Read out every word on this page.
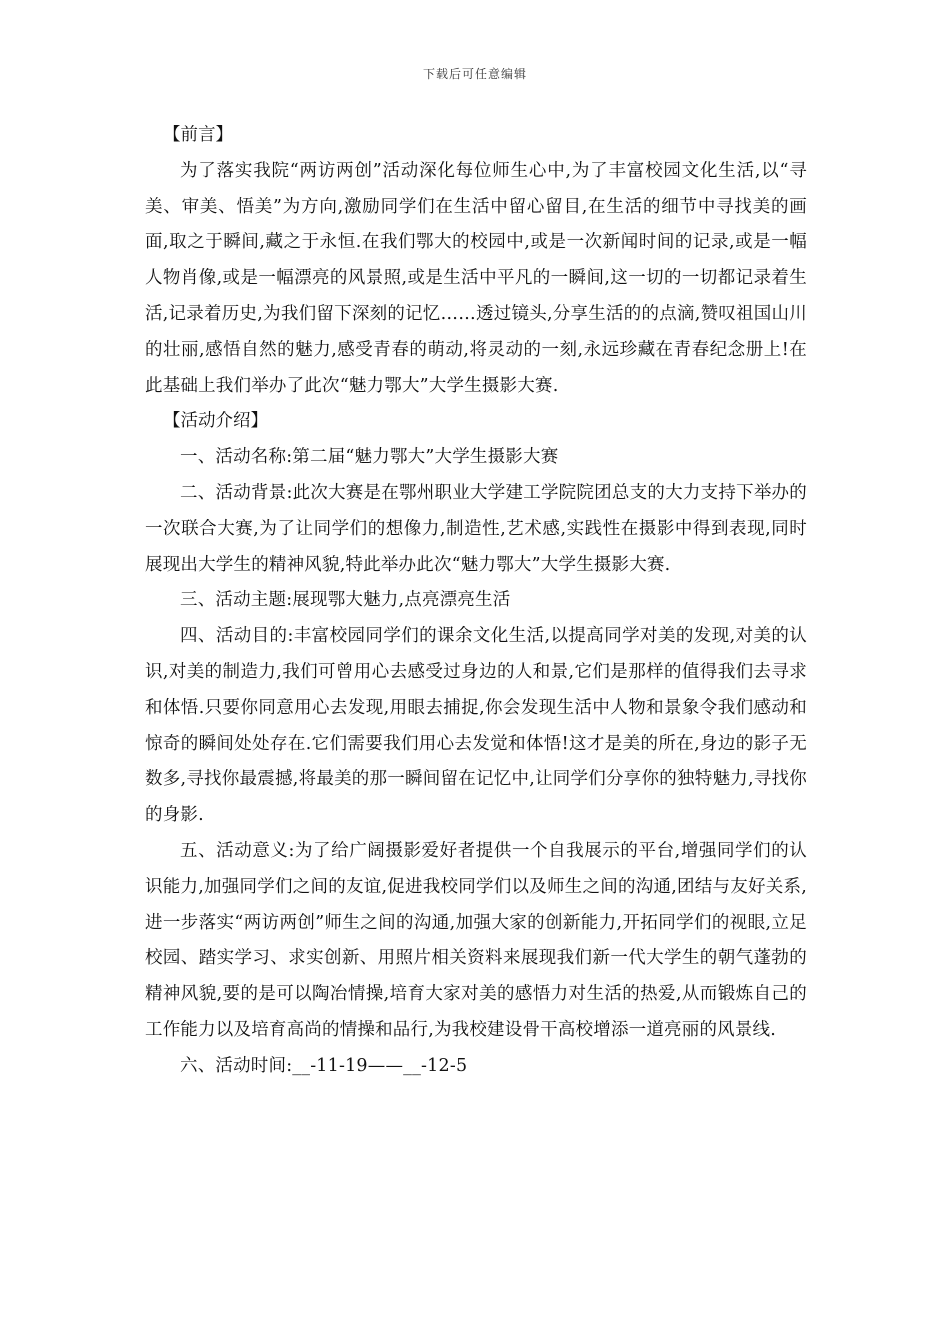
下载后可任意编辑

【前言】

为了落实我院“两访两创”活动深化每位师生心中,为了丰富校园文化生活,以“寻美、审美、悟美”为方向,激励同学们在生活中留心留目,在生活的细节中寻找美的画面,取之于瞬间,藏之于永恒.在我们鄂大的校园中,或是一次新闻时间的记录,或是一幅人物肖像,或是一幅漂亮的风景照,或是生活中平凡的一瞬间,这一切的一切都记录着生活,记录着历史,为我们留下深刻的记忆……透过镜头,分享生活的的点滴,赞叹祖国山川的壮丽,感悟自然的魅力,感受青春的萌动,将灵动的一刻,永远珍藏在青春纪念册上!在此基础上我们举办了此次“魅力鄂大”大学生摄影大赛.

【活动介绍】

一、活动名称:第二届“魅力鄂大”大学生摄影大赛

二、活动背景:此次大赛是在鄂州职业大学建工学院院团总支的大力支持下举办的一次联合大赛,为了让同学们的想像力,制造性,艺术感,实践性在摄影中得到表现,同时展现出大学生的精神风貌,特此举办此次“魅力鄂大”大学生摄影大赛.

三、活动主题:展现鄂大魅力,点亮漂亮生活

四、活动目的:丰富校园同学们的课余文化生活,以提高同学对美的发现,对美的认识,对美的制造力,我们可曾用心去感受过身边的人和景,它们是那样的值得我们去寻求和体悟.只要你同意用心去发现,用眼去捕捉,你会发现生活中人物和景象令我们感动和惊奇的瞬间处处存在.它们需要我们用心去发觉和体悟!这才是美的所在,身边的影子无数多,寻找你最震撼,将最美的那一瞬间留在记忆中,让同学们分享你的独特魅力,寻找你的身影.

五、活动意义:为了给广阔摄影爱好者提供一个自我展示的平台,增强同学们的认识能力,加强同学们之间的友谊,促进我校同学们以及师生之间的沟通,团结与友好关系,进一步落实“两访两创”师生之间的沟通,加强大家的创新能力,开拓同学们的视眼,立足校园、踏实学习、求实创新、用照片相关资料来展现我们新一代大学生的朝气蓬勃的精神风貌,要的是可以陶冶情操,培育大家对美的感悟力对生活的热爱,从而锻炼自己的工作能力以及培育高尚的情操和品行,为我校建设骨干高校增添一道亮丽的风景线.

六、活动时间:__-11-19——__-12-5
